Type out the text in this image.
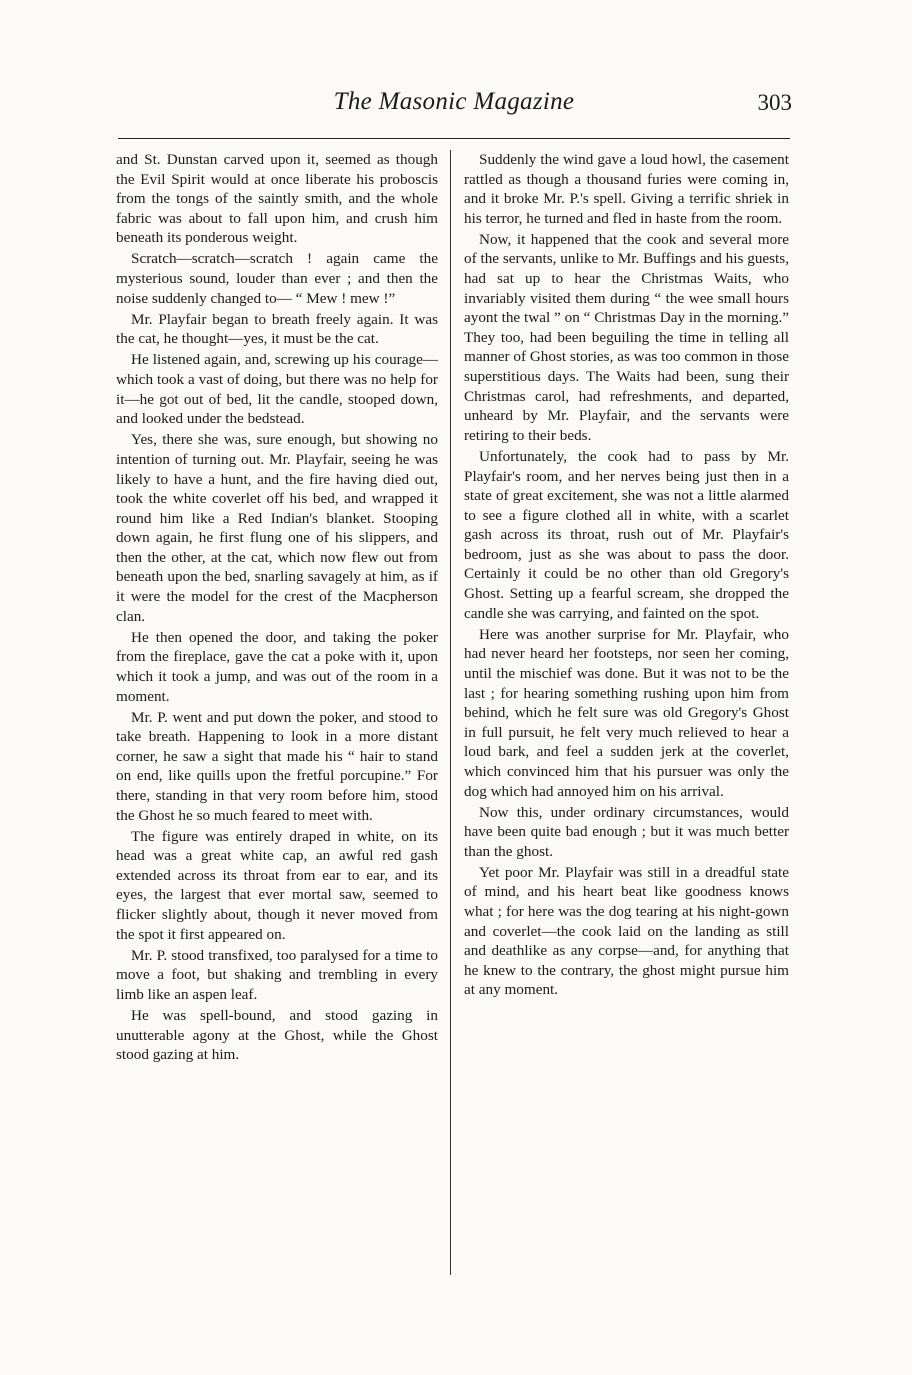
The Masonic Magazine	303

and St. Dunstan carved upon it, seemed as though the Evil Spirit would at once liberate his proboscis from the tongs of the saintly smith, and the whole fabric was about to fall upon him, and crush him beneath its ponderous weight.

Scratch—scratch—scratch ! again came the mysterious sound, louder than ever ; and then the noise suddenly changed to— “ Mew ! mew !”

Mr. Playfair began to breath freely again. It was the cat, he thought—yes, it must be the cat.

He listened again, and, screwing up his courage—which took a vast of doing, but there was no help for it—he got out of bed, lit the candle, stooped down, and looked under the bedstead.

Yes, there she was, sure enough, but showing no intention of turning out. Mr. Playfair, seeing he was likely to have a hunt, and the fire having died out, took the white coverlet off his bed, and wrapped it round him like a Red Indian's blanket. Stooping down again, he first flung one of his slippers, and then the other, at the cat, which now flew out from beneath upon the bed, snarling savagely at him, as if it were the model for the crest of the Macpherson clan.

He then opened the door, and taking the poker from the fireplace, gave the cat a poke with it, upon which it took a jump, and was out of the room in a moment.

Mr. P. went and put down the poker, and stood to take breath. Happening to look in a more distant corner, he saw a sight that made his “ hair to stand on end, like quills upon the fretful porcupine.” For there, standing in that very room before him, stood the Ghost he so much feared to meet with.

The figure was entirely draped in white, on its head was a great white cap, an awful red gash extended across its throat from ear to ear, and its eyes, the largest that ever mortal saw, seemed to flicker slightly about, though it never moved from the spot it first appeared on.

Mr. P. stood transfixed, too paralysed for a time to move a foot, but shaking and trembling in every limb like an aspen leaf.

He was spell-bound, and stood gazing in unutterable agony at the Ghost, while the Ghost stood gazing at him.

Suddenly the wind gave a loud howl, the casement rattled as though a thousand furies were coming in, and it broke Mr. P.'s spell. Giving a terrific shriek in his terror, he turned and fled in haste from the room.

Now, it happened that the cook and several more of the servants, unlike to Mr. Buffings and his guests, had sat up to hear the Christmas Waits, who invariably visited them during “ the wee small hours ayont the twal ” on “ Christmas Day in the morning.” They too, had been beguiling the time in telling all manner of Ghost stories, as was too common in those superstitious days. The Waits had been, sung their Christmas carol, had refreshments, and departed, unheard by Mr. Playfair, and the servants were retiring to their beds.

Unfortunately, the cook had to pass by Mr. Playfair's room, and her nerves being just then in a state of great excitement, she was not a little alarmed to see a figure clothed all in white, with a scarlet gash across its throat, rush out of Mr. Playfair's bedroom, just as she was about to pass the door. Certainly it could be no other than old Gregory's Ghost. Setting up a fearful scream, she dropped the candle she was carrying, and fainted on the spot.

Here was another surprise for Mr. Playfair, who had never heard her footsteps, nor seen her coming, until the mischief was done. But it was not to be the last ; for hearing something rushing upon him from behind, which he felt sure was old Gregory's Ghost in full pursuit, he felt very much relieved to hear a loud bark, and feel a sudden jerk at the coverlet, which convinced him that his pursuer was only the dog which had annoyed him on his arrival.

Now this, under ordinary circumstances, would have been quite bad enough ; but it was much better than the ghost.

Yet poor Mr. Playfair was still in a dreadful state of mind, and his heart beat like goodness knows what ; for here was the dog tearing at his night-gown and coverlet—the cook laid on the landing as still and deathlike as any corpse—and, for anything that he knew to the contrary, the ghost might pursue him at any moment.
